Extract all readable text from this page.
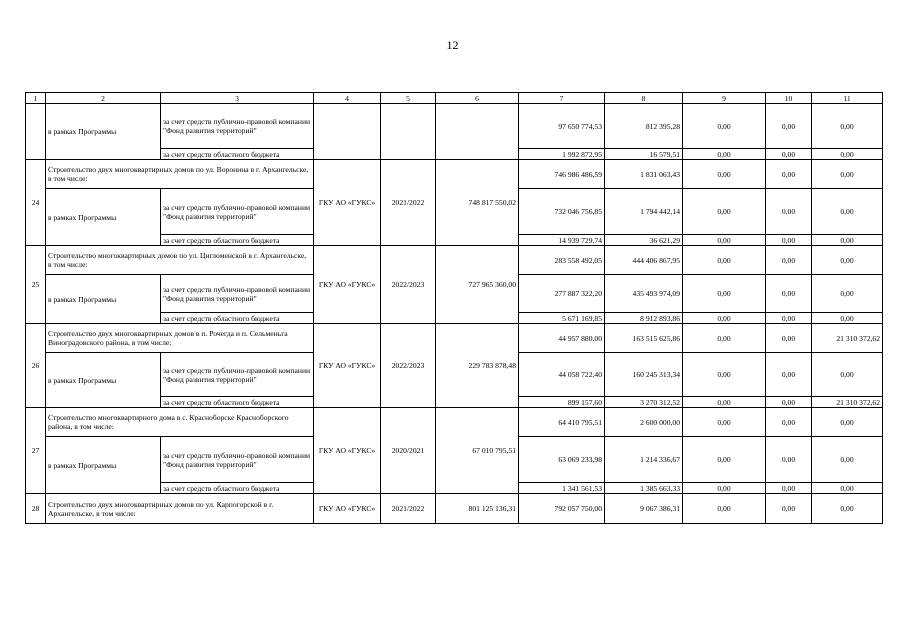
12
1	2	3	4	5	6	7	8	9	10	11
	в рамках Программы	за счет средств публично-правовой компании "Фонд развития территорий"				97 650 774,53	812 395,28	0,00	0,00	0,00
		за счет средств областного бюджета				1 992 872,95	16 579,51	0,00	0,00	0,00
24	Строительство двух многоквартирных домов по ул. Воронина в г. Архангельске, в том числе:		ГКУ АО «ГУКС»	2021/2022	748 817 550,02	746 986 486,59	1 831 063,43	0,00	0,00	0,00
	в рамках Программы	за счет средств публично-правовой компании "Фонд развития территорий"				732 046 756,85	1 794 442,14	0,00	0,00	0,00
		за счет средств областного бюджета				14 939 729,74	36 621,29	0,00	0,00	0,00
25	Строительство многоквартирных домов по ул. Цигломенской в г. Архангельске, в том числе:		ГКУ АО «ГУКС»	2022/2023	727 965 360,00	283 558 492,05	444 406 867,95	0,00	0,00	0,00
	в рамках Программы	за счет средств публично-правовой компании "Фонд развития территорий"				277 887 322,20	435 493 974,09	0,00	0,00	0,00
		за счет средств областного бюджета				5 671 169,85	8 912 893,86	0,00	0,00	0,00
26	Строительство двух многоквартирных домов в п. Рочегда и п. Сельменьга Виноградовского района, в том числе:		ГКУ АО «ГУКС»	2022/2023	229 783 878,48	44 957 880,00	163 515 625,86	0,00	0,00	21 310 372,62
	в рамках Программы	за счет средств публично-правовой компании "Фонд развития территорий"				44 058 722,40	160 245 313,34	0,00	0,00	0,00
		за счет средств областного бюджета				899 157,60	3 270 312,52	0,00	0,00	21 310 372,62
27	Строительство многоквартирного дома в с. Красноборске Красноборского района, в том числе:		ГКУ АО «ГУКС»	2020/2021	67 010 795,51	64 410 795,51	2 600 000,00	0,00	0,00	0,00
	в рамках Программы	за счет средств публично-правовой компании "Фонд развития территорий"				63 069 233,98	1 214 336,67	0,00	0,00	0,00
		за счет средств областного бюджета				1 341 561,53	1 385 663,33	0,00	0,00	0,00
28	Строительство двух многоквартирных домов по ул. Карпогорской в г. Архангельске, в том числе:		ГКУ АО «ГУКС»	2021/2022	801 125 136,31	792 057 750,00	9 067 386,31	0,00	0,00	0,00
